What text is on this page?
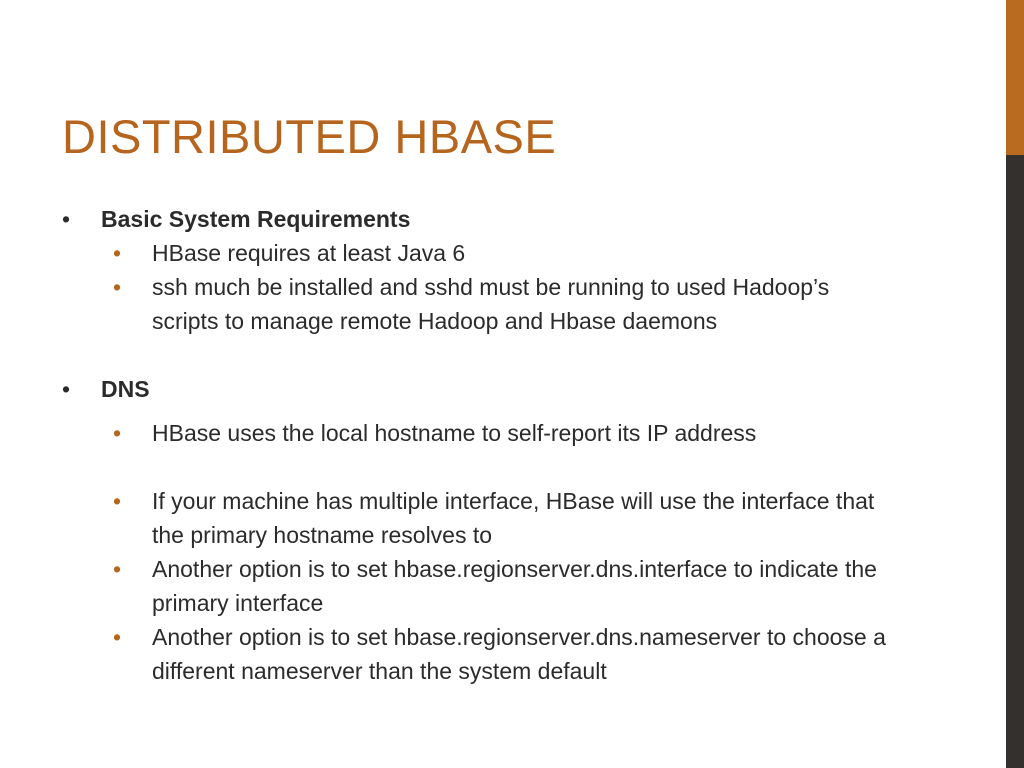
DISTRIBUTED HBASE
• Basic System Requirements
• HBase requires at least Java 6
• ssh much be installed and sshd must be running to used Hadoop’s scripts to manage remote Hadoop and Hbase daemons
• DNS
• HBase uses the local hostname to self-report its IP address
• If your machine has multiple interface, HBase will use the interface that the primary hostname resolves to
• Another option is to set hbase.regionserver.dns.interface to indicate the primary interface
• Another option is to set hbase.regionserver.dns.nameserver to choose a different nameserver than the system default
